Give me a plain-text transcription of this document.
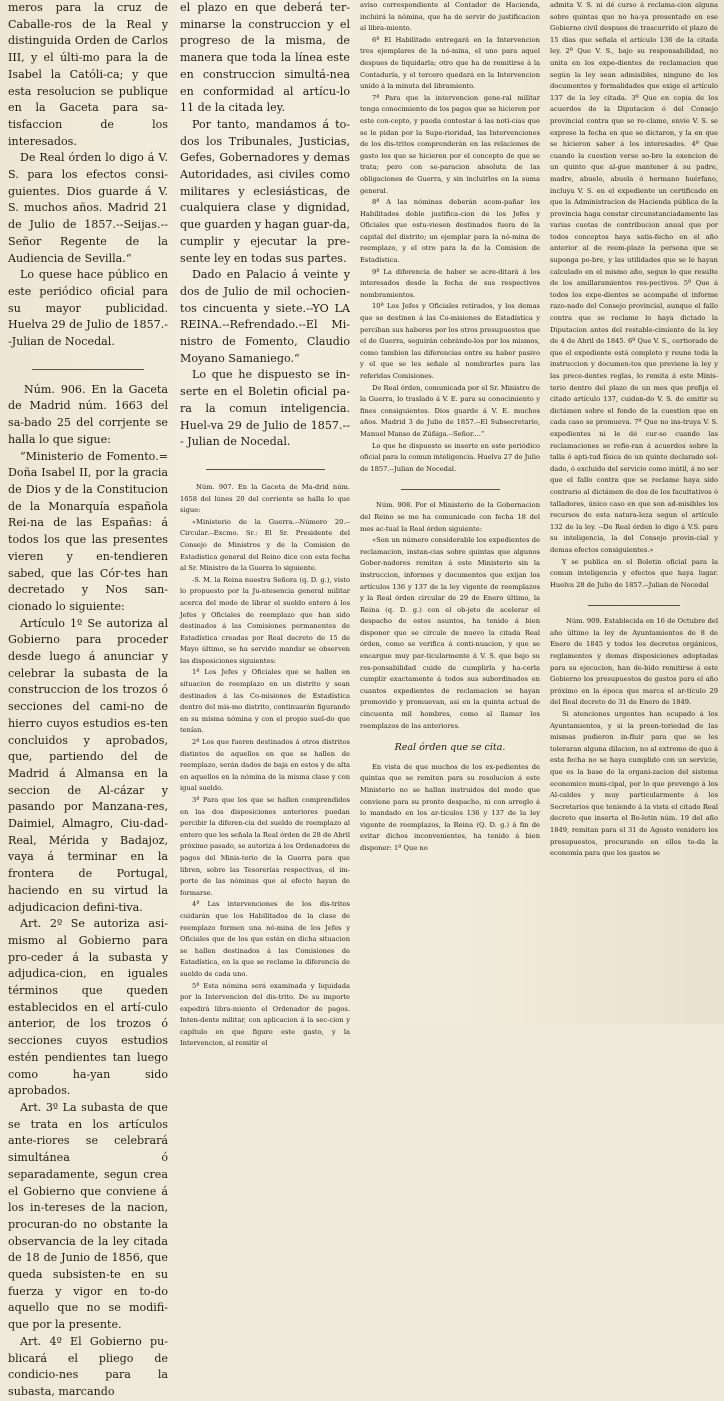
meros para la cruz de Caballe-ros de la Real y distinguida Orden de Carlos III, y el últi-mo para la de Isabel la Católi-ca; y que esta resolucion se publique en la Gaceta para sa-tisfaccion de los interesados.

De Real órden lo digo á V. S. para los efectos consi-guientes. Dios guarde á V. S. muchos años. Madrid 21 de Julio de 1857.--Seijas.--Señor Regente de la Audiencia de Sevilla.“

Lo quese hace público en este periódico oficial para su mayor publicidad. Huelva 29 de Julio de 1857.--Julian de Nocedal.

Núm. 906. En la Gaceta de Madrid núm. 1663 del sa-bado 25 del corrjente se halla lo que sigue:

“Ministerio de Fomento.= Doña Isabel II, por la gracia de Dios y de la Constitucion de la Monarquía española Rei-na de las Españas: á todos los que las presentes vieren y en-tendieren sabed, que las Cór-tes han decretado y Nos san-cionado lo siguiente:

Artículo 1º Se autoriza al Gobierno para proceder desde luego á anunciar y celebrar la subasta de la construccion de los trozos ó secciones del cami-no de hierro cuyos estudios es-ten concluidos y aprobados, que, partiendo del de Madrid á Almansa en la seccion de Al-cázar y pasando por Manzana-res, Daimiel, Almagro, Ciu-dad-Real, Mérida y Badajoz, vaya á terminar en la frontera de Portugal, haciendo en su virtud la adjudicacion defini-tiva.

Art. 2º Se autoriza asi-mismo al Gobierno para pro-ceder á la subasta y adjudica-cion, en iguales términos que queden establecidos en el artí-culo anterior, de los trozos ó secciones cuyos estudios estén pendientes tan luego como ha-yan sido aprobados.

Art. 3º La subasta de que se trata en los artículos ante-riores se celebrará simultánea ó separadamente, segun crea el Gobierno que conviene á los in-tereses de la nacion, procuran-do no obstante la observancia de la ley citada de 18 de Junio de 1856, que queda subsisten-te en su fuerza y vigor en to-do aquello que no se modifi-que por la presente.

Art. 4º El Gobierno pu-blicará el pliego de condicio-nes para la subasta, marcando

el plazo en que deberá ter-minarse la construccion y el progreso de la misma, de manera que toda la línea este en construccion simultá-nea en conformidad al artícu-lo 11 de la citada ley.

Por tanto, mandamos á to-dos los Tribunales, Justicias, Gefes, Gobernadores y demas Autoridades, asi civiles como militares y eclesiásticas, de cualquiera clase y dignidad, que guarden y hagan guar-da, cumplir y ejecutar la pre-sente ley en todas sus partes.

Dado en Palacio á veinte y dos de Julio de mil ochocien-tos cincuenta y siete.--YO LA REINA.--Refrendado.--El Mi-nistro de Fomento, Claudio Moyano Samaniego.“

Lo que he dispuesto se in-serte en el Boletin oficial pa-ra la comun inteligencia. Huel-va 29 de Julio de 1857.--- Julian de Nocedal.

Núm. 907. En la Gaceta de Ma-drid núm. 1658 del lúnes 20 del corriente se halla lo que sigue:

«Ministerio de la Guerra.--Número 20.--Circular.--Excmo. Sr.: El Sr. Presidente del Consejo de Ministros y de la Comision de Estadística general del Reino dice con esta fecha al Sr. Ministro de la Guerra lo siguiente.

-S. M. la Reina nuestra Señora (q. D. g.), visto lo propuesto por la Ju-ntesencia general militar acerca del modo de librar el sueldo entero á los Jefes y Oficiales de reemplazo que han sido destinados á las Comisiones permanentes de Estadística creadas por Real decreto de 15 de Mayo último, se ha servido mandar se observen las disposiciones siguientes:

1ª Los Jefes y Oficiales que se hallen en situacion de reemplazo en un distrito y sean destinados á las Co-misiones de Estadística dentro del mis-mo distrito, continuarán figurando en su misma nómina y con el propio suel-do que tenían.

2ª Los que fueren destinados á otros distritos distintos de aquellos en que se hallen de reemplazo, serán dados de baja en estos y de alta en aquellos en la nómina de la misma clase y con igual sueldo.

3ª Para que los que se hallen comprendidos en las dos disposiciones anteriores puedan percibir la diferen-cia del sueldo de reemplazo al entero que les señala la Real órden de 28 de Abril próximo pasado, se autoriza á los Ordenadores de pagos del Minis-terio de la Guerra para que libren, sobre las Tesorerías respectivas, el im-porte de las nóminas que al efecto hayan de formarse.

4ª Las intervenciones de los dis-tritos cuidarán que los Habilitados de la clase de reemplazo formen una nó-mina de los Jefes y Oficiales que de los que están en dicha situacion se hallen destinados á las Comisiones de Estadística, en la que se reclame la diferencia de sueldo de cada uno.

5ª Esta nómina será examinada y liquidada por la Intervencion del dis-trito. De su importe expedirá libra-miento el Ordenador de pagos. Inten-dente militar, con aplicacion á la sec-cion y capítulo en que figure este gasto, y la Intervencion, al remitir el

aviso correspondiente al Contador de Hacienda, incluirá la nómina, que ha de servir de justificacion al libra-miento.

6ª El Habilitado entregará en la Intervencion tres ejemplares de la nó-mina, el uno para aquel despues de liquidarla; otro que ha de remitirse á la Contaduría, y el tercero quedará en la Intervencion unido á la minuta del libramiento.

7ª Para que la intervencion gene-ral militar tenga conocimiento de los pagos que se hicieren por este con-cepto, y pueda contestar á las noti-cias que se le pidan por la Supe-rioridad, las Intervenciones de los dis-tritos comprenderán en las relaciones de gasto los que se hicieren por el concepto de que se trata; pero con se-paracion absoluta de las obligaciones de Guerra, y sin incluirlos en la suma general.

8ª A las nóminas deberán acom-pañar los Habilitados doble justifica-cion de los Jefes y Oficiales que estu-viesen destinados fuera de la capital del distrito; un ejemplar para la nó-mina de reemplazo, y el otro para la de la Comision de Estadística.

9ª La diferencia de haber se acre-ditará á los interesados desde la fecha de sus respectivos nombramientos.

10ª Los Jefes y Oficiales retirados, y los demas que se destinen á las Co-misiones de Estadística y perciban sus haberes por los otros presupuestos que el de Guerra, seguirán cobrándo-los por los mismos, como tambien las diferencias entre su haber pasivo y el que se les señale al nombrarles para las referidas Comisiones.

De Real órden, comunicada por el Sr. Ministro de la Guerra, lo traslado á V. E. para su conocimiento y fines consiguientes. Dios guarde á V. E. muchos años. Madrid 3 de Julio de 1857.--El Subsecretario, Manuel Manso de Zúñiga.--Señor....“

Lo que he dispuesto se inserte en este periódico oficial para la comun inteligencia. Huelva 27 de Julio de 1857.--Julian de Nocedal.

Núm. 908. Por el Ministerio de la Gobernacion del Reino se me ha comunicado con fecha 18 del mes ac-tual la Real órden siguiente:

«Son un número considerable los expedientes de reclamacion, instan-cias sobre quintas que algunos Gober-nadores remiten á este Ministerio sin la instruccion, informes y documentos que exijan los artículos 136 y 137 de la ley vigente de reemplazos y la Real órden circular de 29 de Enero último, la Reina (q. D. g.) con el ob-jeto de acelerar el despacho de estos asuntos, ha tenido á bien disponer que se circule de nuevo la citada Real órden, como se verifica á conti-nuacion, y que se encargue muy par-ticularmente á V. S. que bajo su res-ponsabilidad cuide de cumplirla y ha-cerla cumplir exactamente á todos sus subordinados en cuantos expedientes de reclamacion se hayan promovido y promuevan, asi en la quinta actual de cincuenta mil hombres, como al llamar los reemplazos de las anteriores.

Real órden que se cita.

En vista de que muchos de los ex-pedientes de quintas que se remiten para su resolucion á este Ministerio no se hallan instruidos del modo que conviene para su pronto despacho, ni con arreglo á lo mandado en los ar-tículos 136 y 137 de la ley vigente de reemplazos, la Reina (Q. D. g.) á fin de evitar dichos inconvenientes, ha tenido á bien disponer: 1º Que no

admita V. S. ni dé curso á reclama-cion alguna sobre quintas que no ha-ya presentado en ese Gobierno civil despues de trascurrido el plazo de 15 dias que señala el artículo 136 de la citada ley. 2º Que V. S., bajo su responsabilidad, no unita en los expe-dientes de reclamacion que según la ley sean admisibles, ninguno de los documentos y formalidades que exige el artículo 137 de la ley citada. 3º Que en copia de los acuerdos de la Diputacion ó del Consejo provincial contra que se re-clame, envíe V. S. se exprese la fecha en que se dictaron, y la en que se hicieron saber á los interesados. 4º Que cuando la cuestion verse so-bre la exencion de un quinto que al-gue mantener á su padre, madre, abuelo, abuela ó hermano huérfano, incluya V. S. en el expediente un certificado en que la Administracion de Hacienda pública de la provincia haga constar circunstanciadamente las varias cuotas de contribucion anual que por todos conceptos haya satis-fecho en el año anterior al de reem-plazo la persona que se suponga po-bre, y las utilidades que se le hayan calculado en el mismo año, segun lo que resulte de los amillaramientos res-pectivos. 5º Que á todos los expe-dientes se acompañe el informe razo-nado del Consejo provincial, aunque el fallo contra que se reclame lo haya dictado la Diputacion antes del restable-cimiento de la ley de 4 de Abril de 1845. 6º Que V. S., certiorado de que el expediente está completo y reune toda la instruccion y documen-tos que previene la ley y las prece-dentes reglas, lo remita á este Minis-terio dentro del plazo de un mes que prefija el citado artículo 137, cuidan-do V. S. de emitir su dictámen sobre el fondo de la cuestion que en cada caso se promueva. 7º Que no ins-truya V. S. expedientes ni le dé cur-so cuando las reclamaciones se refie-ran á acuerdos sobre la talla ó apti-tud física de un quinto declarado sol-dado, ó excluido del servicio como inútil, á no ser que el fallo contra que se reclame haya sido contrario al dictámen de dos de los facultativos ó talladores, único caso en que son ad-misibles los recursos de esta natura-leza segun el artículo 132 de la ley. --De Real órden lo digo á V.S. para su inteligencia, la del Consejo provin-cial y demas efectos consiguientes.»

Y se publica en el Boletin oficial para la comun inteligencia y efectos que haya lugar. Huelva 28 de Julio de 1857.--Julian de Nocedal

Núm. 909. Establecida en 16 de Octubre del año último la ley de Ayuntamientos de 8 de Enero de 1845 y todos los decretos orgánicos, reglamentos y demas disposiciones adoptadas para su ejecucion, han de-bido remitirse á este Gobierno los presupuestos de gastos para el año próximo en la época que marca el ar-tículo 29 del Real decreto de 31 de Enero de 1849.

Si atenciones urgentes han ocupado á los Ayuntamientos, y si la preen-toriedad de las mismas pudieron in-fluir para que se les toleraran alguna dilacion, no al extremo de que á esta fecha no se haya cumplido con un servicio, que es la base de la organi-zacion del sistema economico muni-cipal, por lo que prevengo á los Al-caldes y muy particularmente á los Secretarios que teniendo á la vista el citado Real decreto que inserta el Bo-letin núm. 19 del año 1849, remitan para el 31 de Agosto venidero los presupuestos, procurando en ellos to-da la economía para que los gastos se
